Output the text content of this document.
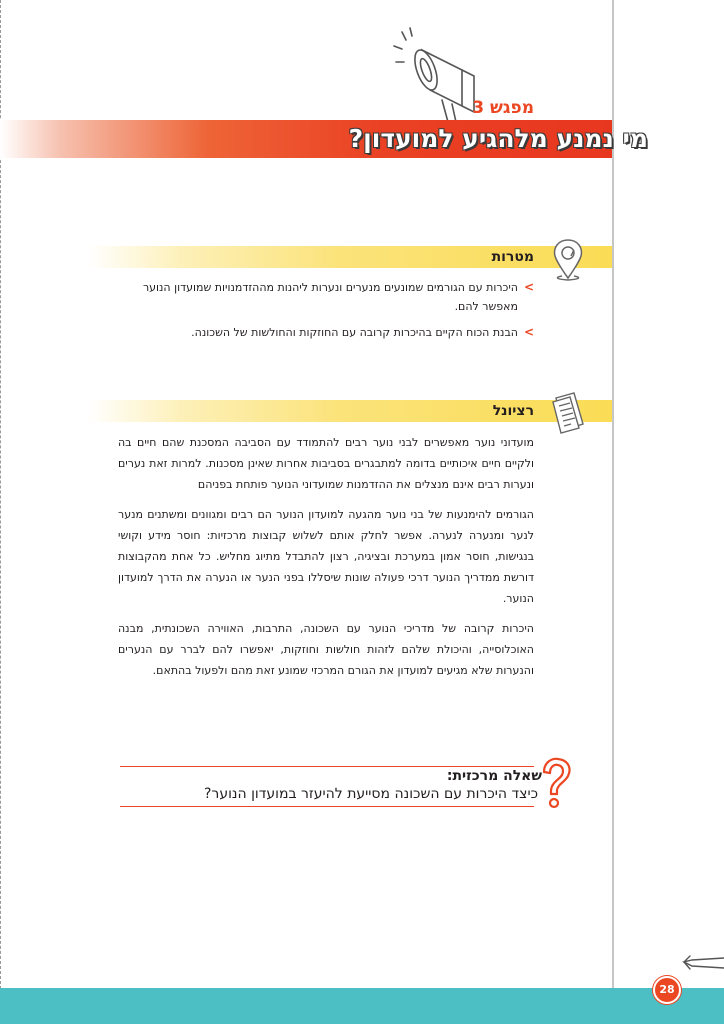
מפגש 3
מי נמנע מלהגיע למועדון?
מטרות
>
היכרות עם הגורמים שמונעים מנערים ונערות ליהנות מההזדמנויות שמועדון הנוער מאפשר להם.
>
הבנת הכוח הקיים בהיכרות קרובה עם החוזקות והחולשות של השכונה.
רציונל

מועדוני נוער מאפשרים לבני נוער רבים להתמודד עם הסביבה המסכנת שהם חיים בה ולקיים חיים איכותיים בדומה למתבגרים בסביבות אחרות שאינן מסכנות. למרות זאת נערים ונערות רבים אינם מנצלים את ההזדמנות שמועדוני הנוער פותחת בפניהם

הגורמים להימנעות של בני נוער מהגעה למועדון הנוער הם רבים ומגוונים ומשתנים מנער לנער ומנערה לנערה. אפשר לחלק אותם לשלוש קבוצות מרכזיות: חוסר מידע וקושי בנגישות, חוסר אמון במערכת ובציגיה, רצון להתבדל מתיוג מחליש. כל אחת מהקבוצות דורשת ממדריך הנוער דרכי פעולה שונות שיסללו בפני הנער או הנערה את הדרך למועדון הנוער.

היכרות קרובה של מדריכי הנוער עם השכונה, התרבות, האווירה השכונתית, מבנה האוכלוסייה, והיכולת שלהם לזהות חולשות וחוזקות, יאפשרו להם לברר עם הנערים והנערות שלא מגיעים למועדון את הגורם המרכזי שמונע זאת מהם ולפעול בהתאם.

שאלה מרכזית:
כיצד היכרות עם השכונה מסייעת להיעזר במועדון הנוער?
28
